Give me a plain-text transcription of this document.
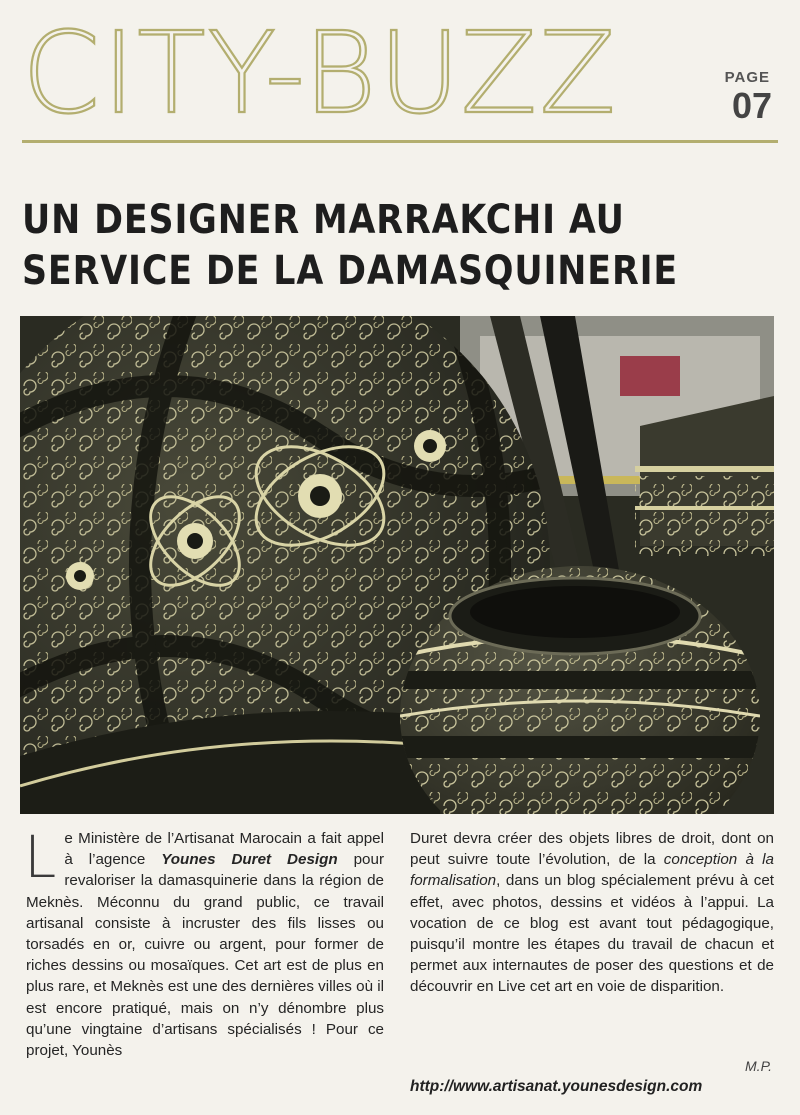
CITY-BUZZ	PAGE
07
UN DESIGNER MARRAKCHI AU
SERVICE DE LA DAMASQUINERIE

L e Ministère de l’Artisanat Marocain a fait appel à l’agence Younes Duret Design pour revaloriser la damasquinerie dans la région de Meknès. Méconnu du grand public, ce travail artisanal consiste à incruster des fils lisses ou torsadés en or, cuivre ou argent, pour former de riches dessins ou mosaïques. Cet art est de plus en plus rare, et Meknès est une des dernières villes où il est encore pratiqué, mais on n’y dénombre plus qu’une vingtaine d’artisans spécialisés ! Pour ce projet, Younès

Duret devra créer des objets libres de droit, dont on peut suivre toute l’évolution, de la conception à la formalisation, dans un blog spécialement prévu à cet effet, avec photos, dessins et vidéos à l’appui. La vocation de ce blog est avant tout pédagogique, puisqu’il montre les étapes du travail de chacun et permet aux internautes de poser des questions et de découvrir en Live cet art en voie de disparition.

M.P.
http://www.artisanat.younesdesign.com
